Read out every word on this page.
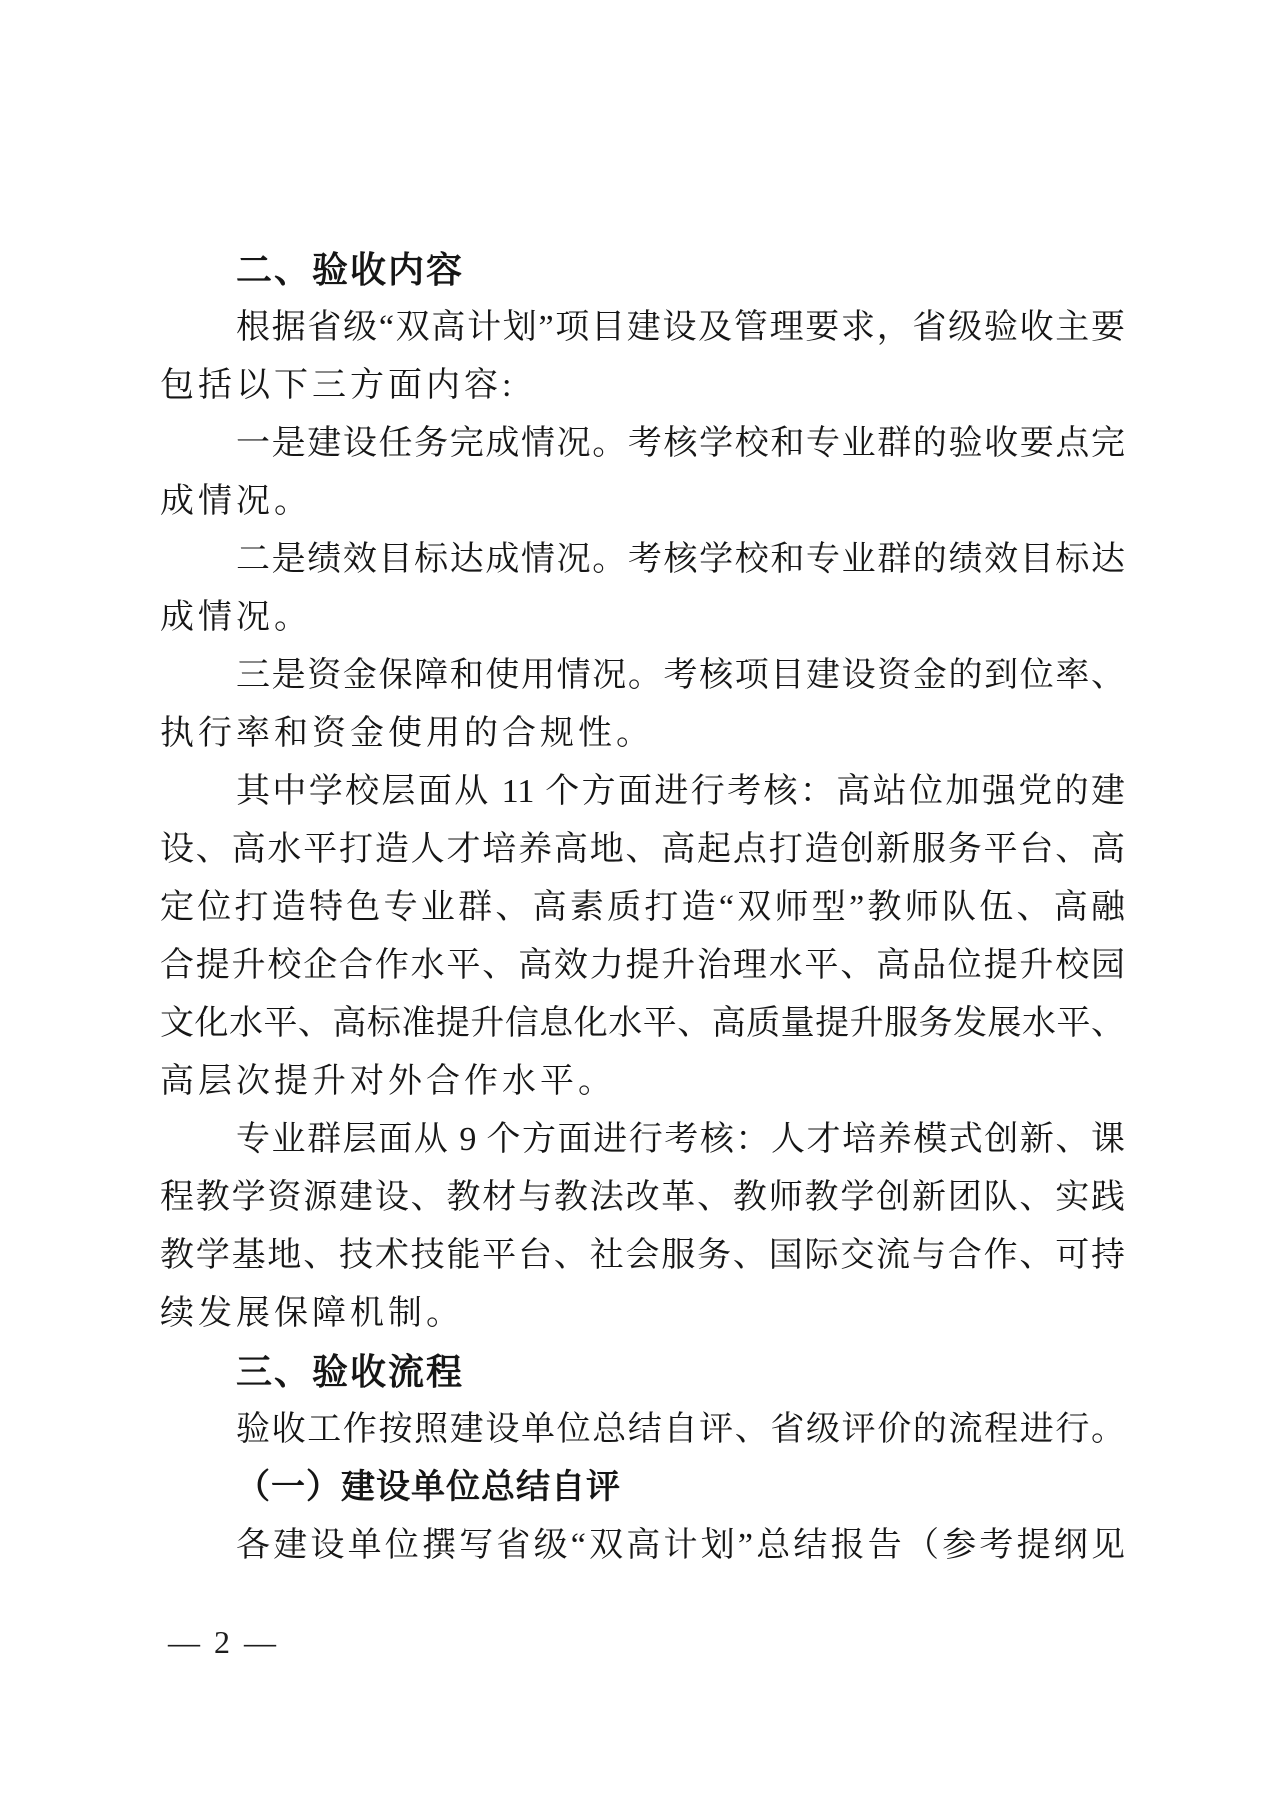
二、验收内容
根据省级“双高计划”项目建设及管理要求，省级验收主要
包括以下三方面内容:
一是建设任务完成情况。考核学校和专业群的验收要点完
成情况。
二是绩效目标达成情况。考核学校和专业群的绩效目标达
成情况。
三是资金保障和使用情况。考核项目建设资金的到位率、
执行率和资金使用的合规性。
其中学校层面从 11 个方面进行考核：高站位加强党的建
设、高水平打造人才培养高地、高起点打造创新服务平台、高
定位打造特色专业群、高素质打造“双师型”教师队伍、高融
合提升校企合作水平、高效力提升治理水平、高品位提升校园
文化水平、高标准提升信息化水平、高质量提升服务发展水平、
高层次提升对外合作水平。
专业群层面从 9 个方面进行考核：人才培养模式创新、课
程教学资源建设、教材与教法改革、教师教学创新团队、实践
教学基地、技术技能平台、社会服务、国际交流与合作、可持
续发展保障机制。
三、验收流程
验收工作按照建设单位总结自评、省级评价的流程进行。
（一）建设单位总结自评
各建设单位撰写省级“双高计划”总结报告（参考提纲见
— 2 —
